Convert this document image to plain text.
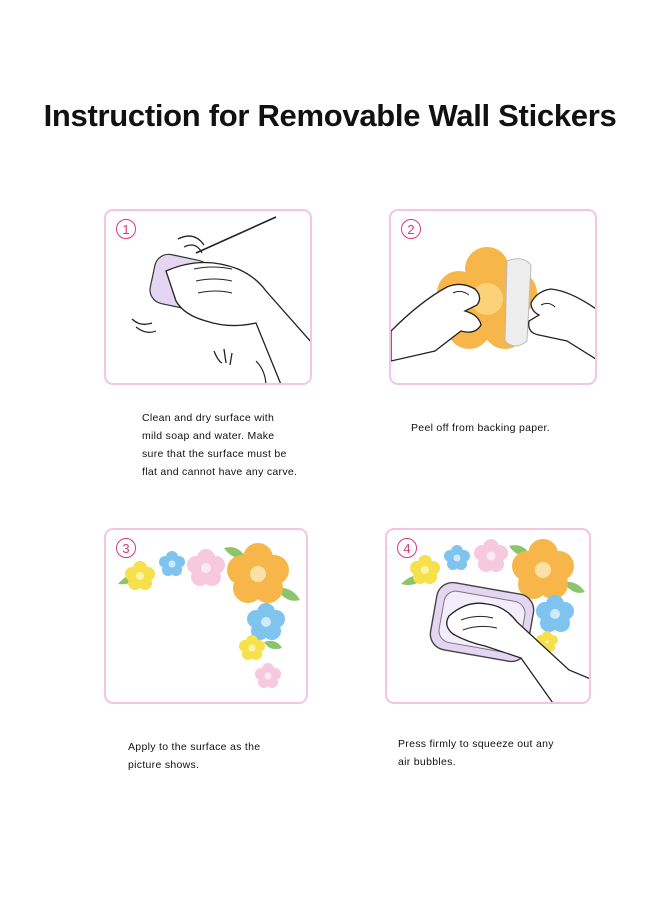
Instruction for Removable Wall Stickers
1	2
3	4
Clean and dry surface with
mild soap and water. Make
sure that the surface must be
flat and cannot have any carve.
Peel off from backing paper.
Apply to the surface as the
picture shows.
Press firmly to squeeze out any
air bubbles.
